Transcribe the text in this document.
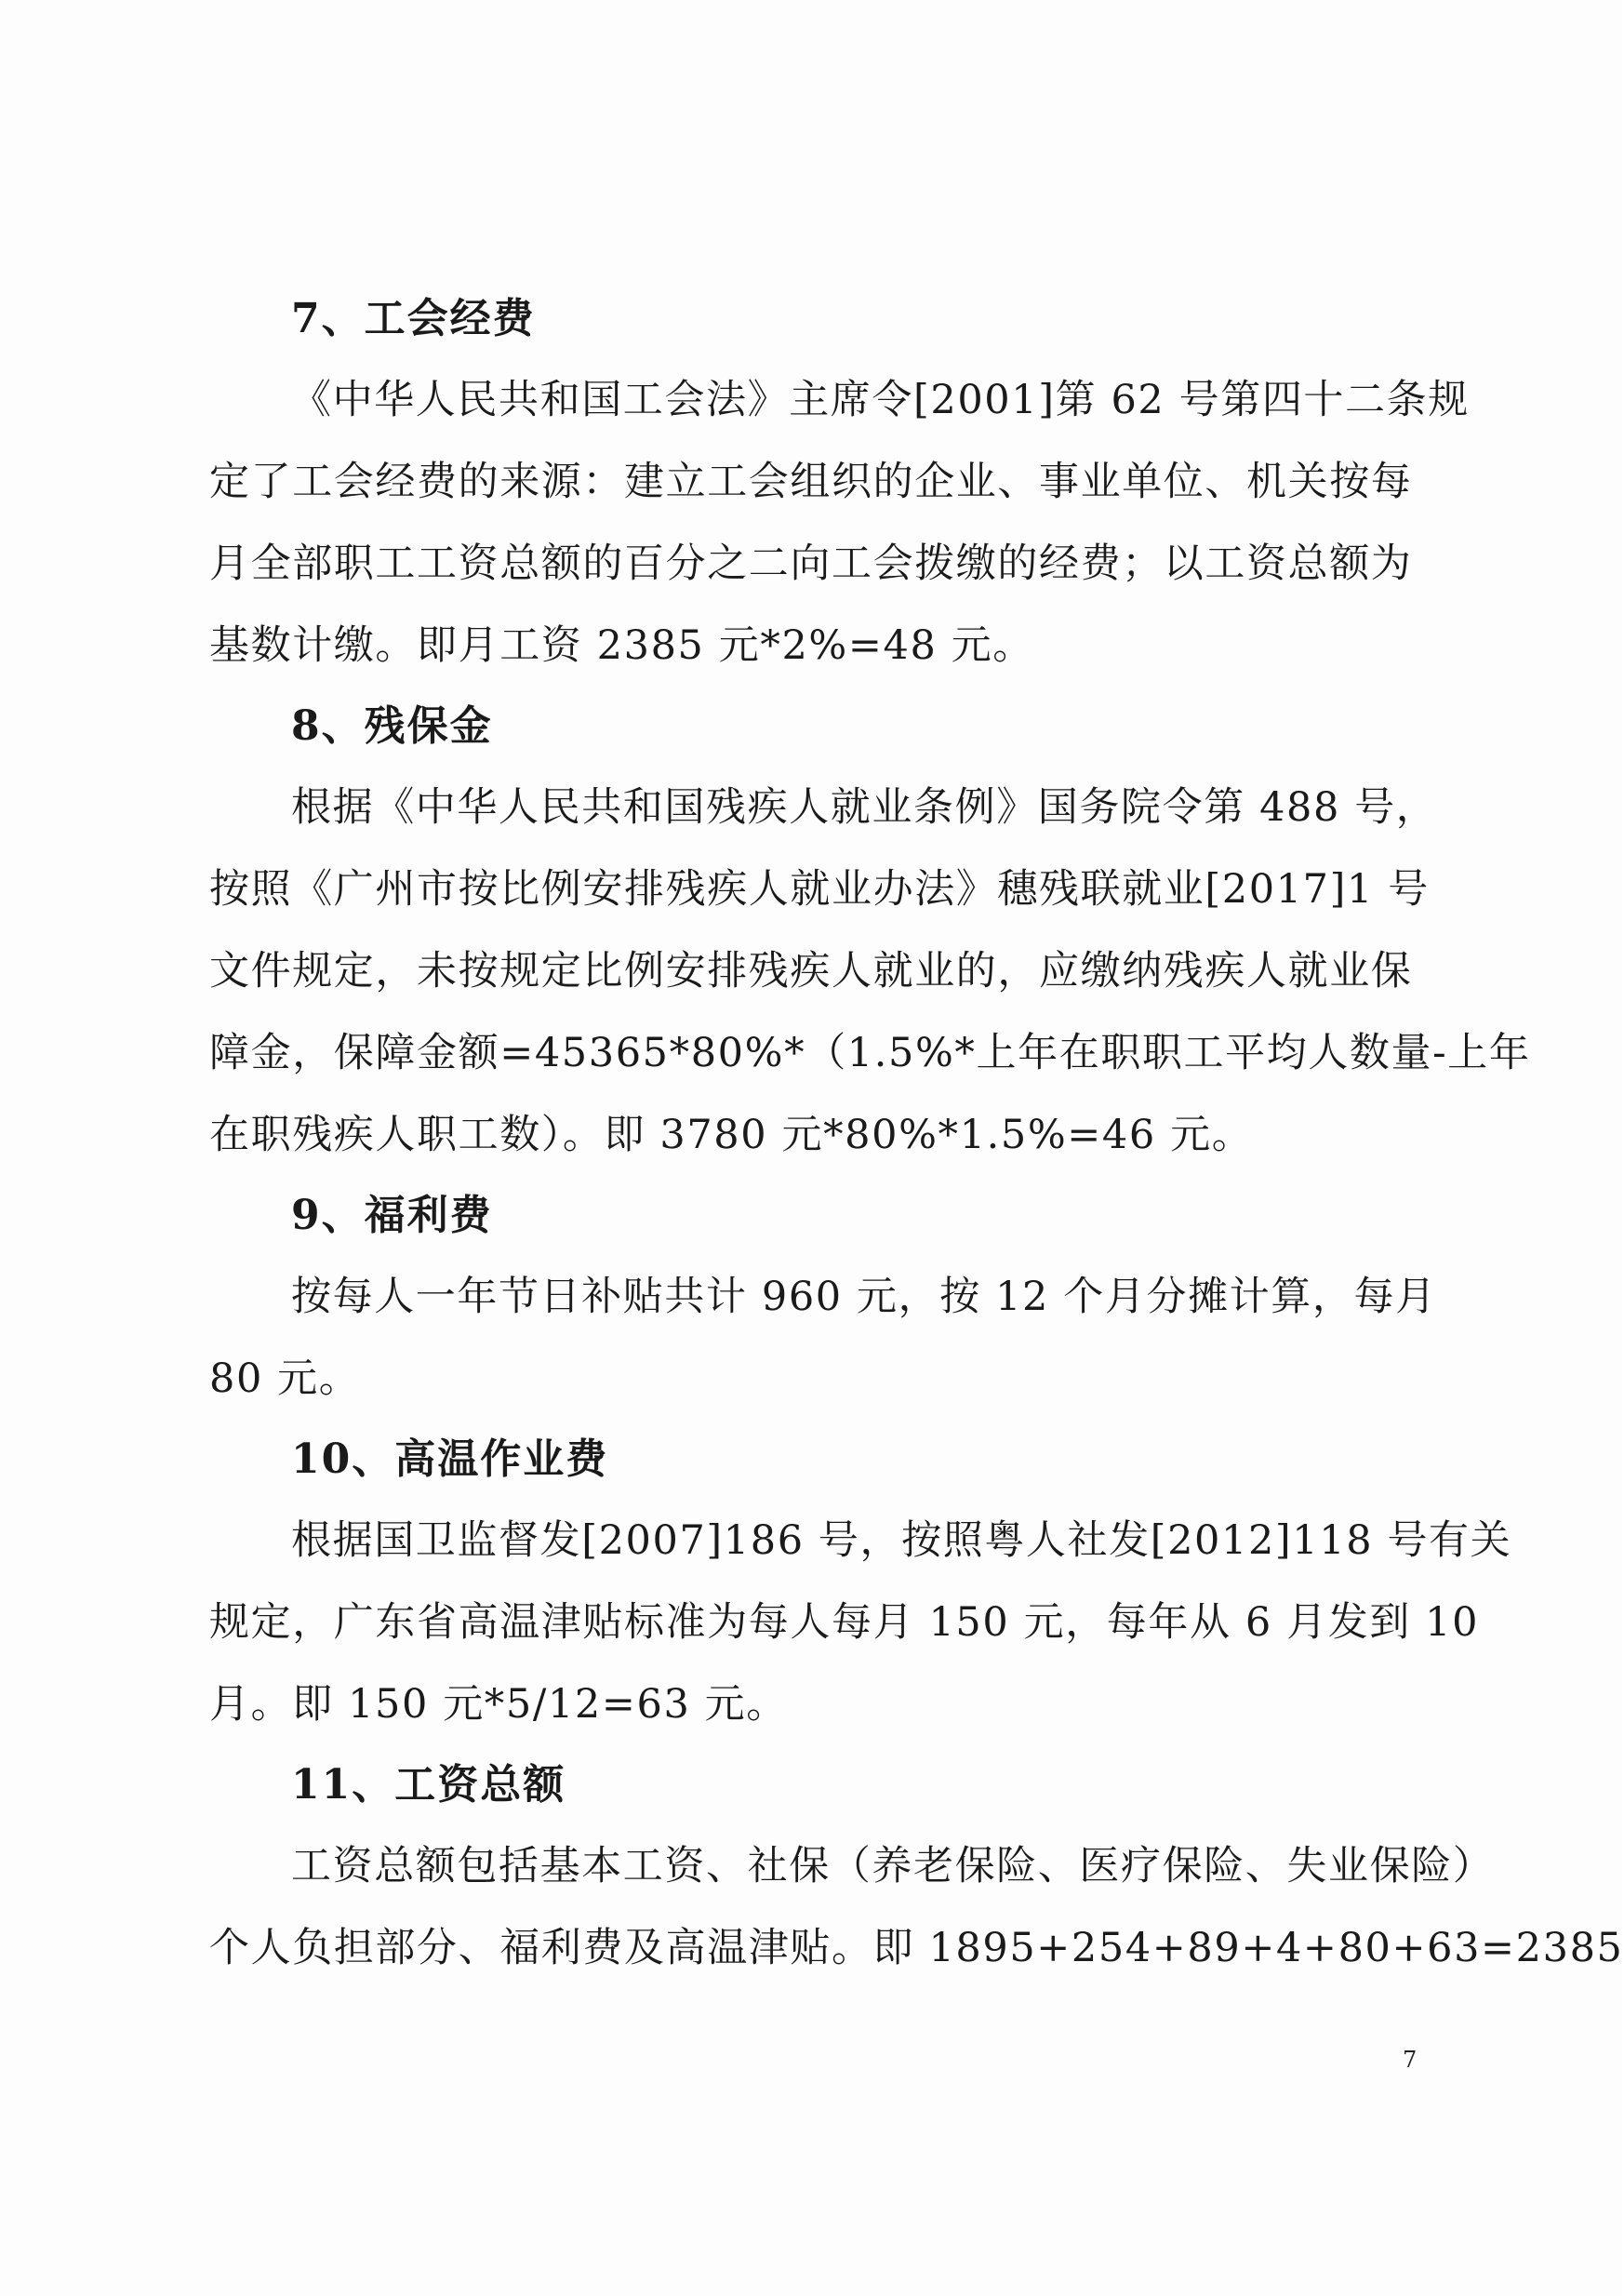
7、工会经费

《中华人民共和国工会法》主席令[2001]第 62 号第四十二条规
定了工会经费的来源：建立工会组织的企业、事业单位、机关按每
月全部职工工资总额的百分之二向工会拨缴的经费；以工资总额为
基数计缴。即月工资 2385 元*2%=48 元。

8、残保金

根据《中华人民共和国残疾人就业条例》国务院令第 488 号，
按照《广州市按比例安排残疾人就业办法》穗残联就业[2017]1 号
文件规定，未按规定比例安排残疾人就业的，应缴纳残疾人就业保
障金，保障金额=45365*80%*（1.5%*上年在职职工平均人数量-上年
在职残疾人职工数）。即 3780 元*80%*1.5%=46 元。

9、福利费

按每人一年节日补贴共计 960 元，按 12 个月分摊计算，每月
80 元。

10、高温作业费

根据国卫监督发[2007]186 号，按照粤人社发[2012]118 号有关
规定，广东省高温津贴标准为每人每月 150 元，每年从 6 月发到 10
月。即 150 元*5/12=63 元。

11、工资总额

工资总额包括基本工资、社保（养老保险、医疗保险、失业保险）
个人负担部分、福利费及高温津贴。即 1895+254+89+4+80+63=2385

7
